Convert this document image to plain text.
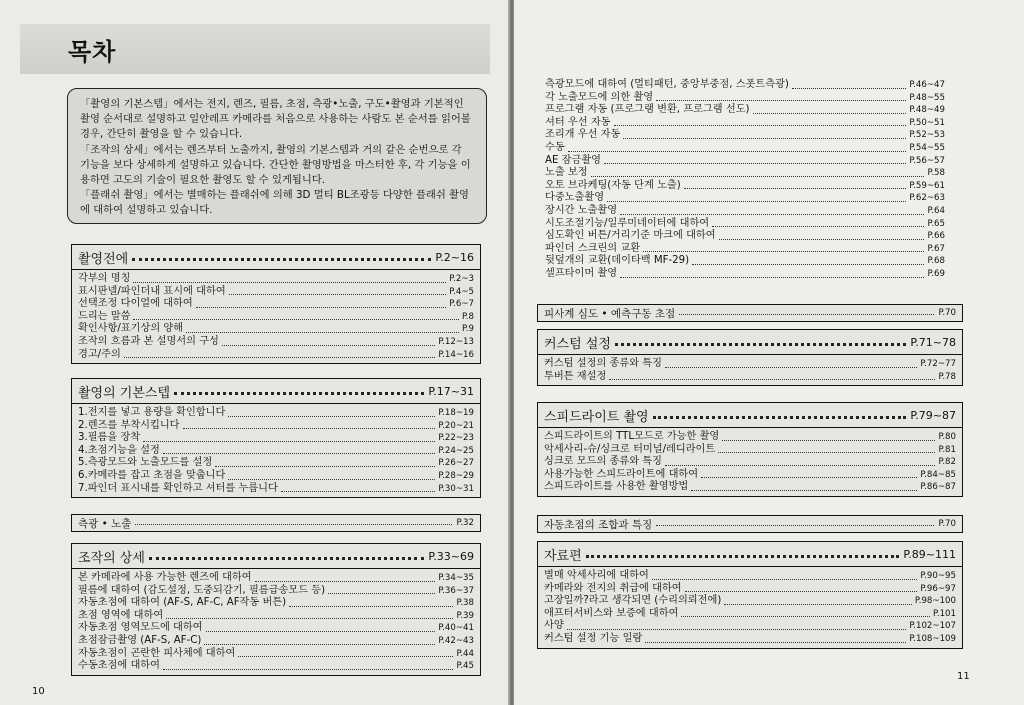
목차

「촬영의 기본스텝」에서는 전지, 렌즈, 필름, 초점, 측광•노출, 구도•촬영과 기본적인 촬영 순서대로 설명하고 일안레프 카메라를 처음으로 사용하는 사람도 본 순서를 읽어볼 경우, 간단히 촬영을 할 수 있습니다.

「조작의 상세」에서는 렌즈부터 노출까지, 촬영의 기본스텝과 거의 같은 순번으로 각 기능을 보다 상세하게 설명하고 있습니다. 간단한 촬영방법을 마스터한 후, 각 기능을 이용하면 고도의 기술이 필요한 촬영도 할 수 있게됩니다.

「플래쉬 촬영」에서는 별매하는 플래쉬에 의해 3D 멀티 BL조광등 다양한 플래쉬 촬영에 대하여 설명하고 있습니다.

촬영전에	P.2~16
각부의 명칭	P.2~3
표시판넬/파인더내 표시에 대하여	P.4~5
선택조정 다이얼에 대하여	P.6~7
드리는 말씀	P.8
확인사항/표기상의 양해	P.9
조작의 흐름과 본 설명서의 구성	P.12~13
경고/주의	P.14~16
촬영의 기본스텝	P.17~31
1.전지를 넣고 용량을 확인합니다	P.18~19
2.렌즈를 부착시킵니다	P.20~21
3.필름을 장착	P.22~23
4.초점기능을 설정	P.24~25
5.측광모드와 노출모드를 설정	P.26~27
6.카메라를 잡고 초점을 맞춥니다	P.28~29
7.파인더 표시내를 확인하고 셔터를 누릅니다	P.30~31
측광 • 노출	P.32
조작의 상세	P.33~69
본 카메라에 사용 가능한 렌즈에 대하여	P.34~35
필름에 대하여 (감도설정, 도중되감기, 필름급송모드 등)	P.36~37
자동초점에 대하여 (AF-S, AF-C, AF작동 버튼)	P.38
초점 영역에 대하여	P.39
자동초점 영역모드에 대하여	P.40~41
초점잠금촬영 (AF-S, AF-C)	P.42~43
자동초점이 곤란한 피사체에 대하여	P.44
수동초점에 대하여	P.45
10
11
측광모드에 대하여 (멀티패턴, 중앙부중점, 스폿트측광)	P.46~47
각 노출모드에 의한 촬영	P.48~55
프로그램 자동 (프로그램 변환, 프로그램 선도)	P.48~49
셔터 우선 자동	P.50~51
조리개 우선 자동	P.52~53
수동	P.54~55
AE 잠금촬영	P.56~57
노출 보정	P.58
오토 브라케팅(자동 단계 노출)	P.59~61
다중노출촬영	P.62~63
장시간 노출촬영	P.64
시도조절기능/일루미네이터에 대하여	P.65
심도확인 버튼/거리기준 마크에 대하여	P.66
파인더 스크린의 교환	P.67
뒷덮개의 교환(데이타백 MF-29)	P.68
셀프타이머 촬영	P.69
피사계 심도 • 예측구동 초점	P.70
커스텀 설정	P.71~78
커스텀 설정의 종류와 특징	P.72~77
투버튼 재설정	P.78
스피드라이트 촬영	P.79~87
스피드라이트의 TTL모드로 가능한 촬영	P.80
악세사리-슈/싱크로 터미널/레디라이트	P.81
싱크로 모드의 종류와 특징	P.82
사용가능한 스피드라이트에 대하여	P.84~85
스피드라이트를 사용한 촬영방법	P.86~87
자동초점의 조합과 특징	P.70
자료편	P.89~111
별매 악세사리에 대하여	P.90~95
카메라와 전지의 취급에 대하여	P.96~97
고장일까?라고 생각되면 (수리의뢰전에)	P.98~100
애프터서비스와 보증에 대하여	P.101
사양	P.102~107
커스텀 설정 기능 일람	P.108~109
